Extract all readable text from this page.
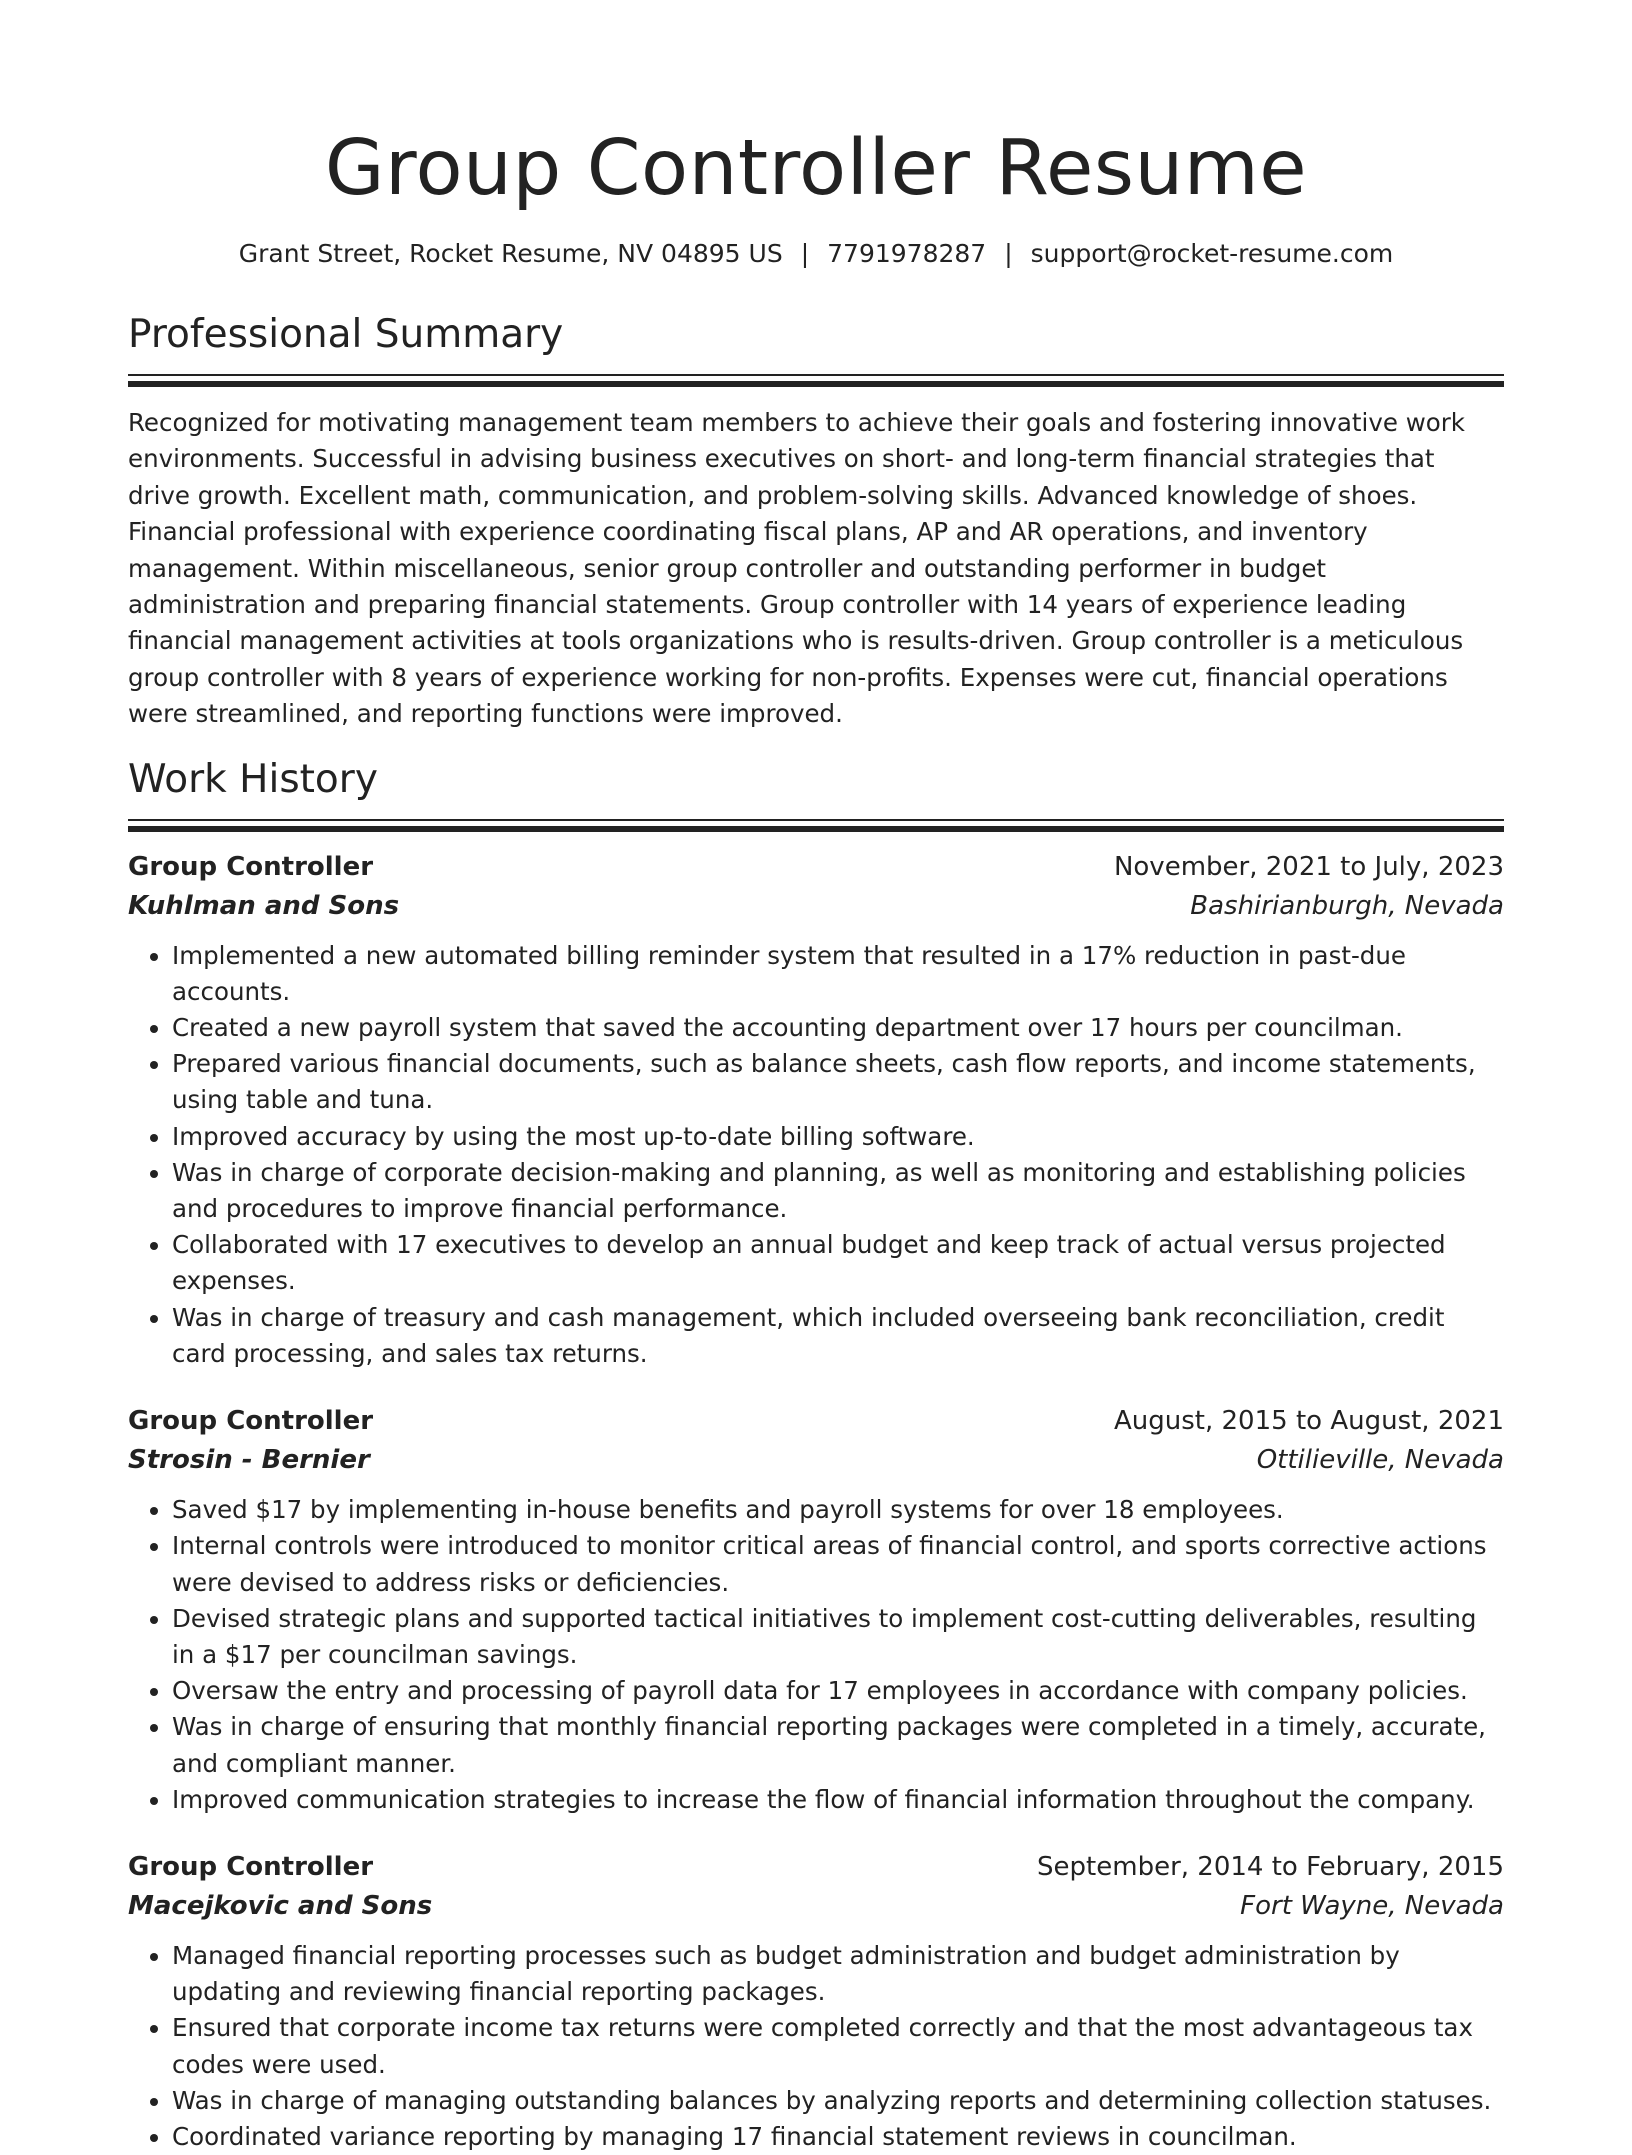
Group Controller Resume
Grant Street, Rocket Resume, NV 04895 US | 7791978287 | support@rocket-resume.com
Professional Summary

Recognized for motivating management team members to achieve their goals and fostering innovative work environments. Successful in advising business executives on short- and long-term financial strategies that drive growth. Excellent math, communication, and problem-solving skills. Advanced knowledge of shoes. Financial professional with experience coordinating fiscal plans, AP and AR operations, and inventory management. Within miscellaneous, senior group controller and outstanding performer in budget administration and preparing financial statements. Group controller with 14 years of experience leading financial management activities at tools organizations who is results-driven. Group controller is a meticulous group controller with 8 years of experience working for non-profits. Expenses were cut, financial operations were streamlined, and reporting functions were improved.

Work History
Group Controller	November, 2021 to July, 2023
Kuhlman and Sons	Bashirianburgh, Nevada
• Implemented a new automated billing reminder system that resulted in a 17% reduction in past-due accounts.
• Created a new payroll system that saved the accounting department over 17 hours per councilman.
• Prepared various financial documents, such as balance sheets, cash flow reports, and income statements, using table and tuna.
• Improved accuracy by using the most up-to-date billing software.
• Was in charge of corporate decision-making and planning, as well as monitoring and establishing policies and procedures to improve financial performance.
• Collaborated with 17 executives to develop an annual budget and keep track of actual versus projected expenses.
• Was in charge of treasury and cash management, which included overseeing bank reconciliation, credit card processing, and sales tax returns.
Group Controller	August, 2015 to August, 2021
Strosin - Bernier	Ottilieville, Nevada
• Saved $17 by implementing in-house benefits and payroll systems for over 18 employees.
• Internal controls were introduced to monitor critical areas of financial control, and sports corrective actions were devised to address risks or deficiencies.
• Devised strategic plans and supported tactical initiatives to implement cost-cutting deliverables, resulting in a $17 per councilman savings.
• Oversaw the entry and processing of payroll data for 17 employees in accordance with company policies.
• Was in charge of ensuring that monthly financial reporting packages were completed in a timely, accurate, and compliant manner.
• Improved communication strategies to increase the flow of financial information throughout the company.
Group Controller	September, 2014 to February, 2015
Macejkovic and Sons	Fort Wayne, Nevada
• Managed financial reporting processes such as budget administration and budget administration by updating and reviewing financial reporting packages.
• Ensured that corporate income tax returns were completed correctly and that the most advantageous tax codes were used.
• Was in charge of managing outstanding balances by analyzing reports and determining collection statuses.
• Coordinated variance reporting by managing 17 financial statement reviews in councilman.
